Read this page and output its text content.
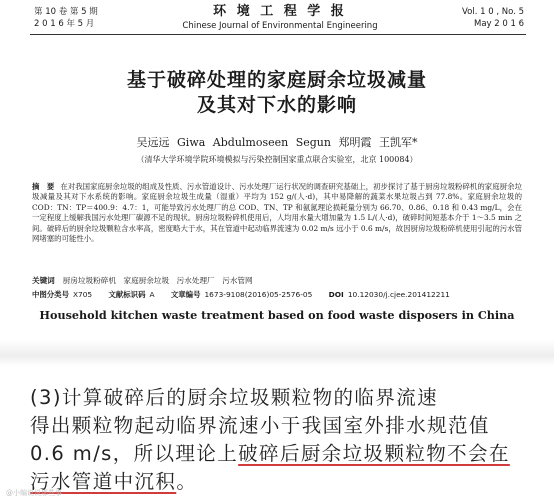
第 10 卷 第 5 期
2 0 1 6 年 5 月
环 境 工 程 学 报
Chinese Journal of Environmental Engineering
Vol. 1 0 , No. 5
May 2 0 1 6
基于破碎处理的家庭厨余垃圾减量
及其对下水的影响
吴远远 Giwa Abdulmoseen Segun 郑明霞 王凯军*
（清华大学环境学院环境模拟与污染控制国家重点联合实验室，北京 100084）
摘　要 在对我国家庭厨余垃圾的组成及性质、污水管道设计、污水处理厂运行状况的调查研究基础上，初步探讨了基于厨房垃圾粉碎机的家庭厨余垃圾减量及其对下水系统的影响。家庭厨余垃圾生成量（湿重）平均为 152 g/(人·d)，其中易降解的蔬菜水果垃圾占到 77.8%。家庭厨余垃圾的 COD：TN：TP＝400.9：4.7：1，可能导致污水处理厂的总 COD、TN、TP 和氨氮理论损耗量分别为 66.70、0.86、0.18 和 0.43 mg/L，会在一定程度上缓解我国污水处理厂碳源不足的现状。厨房垃圾粉碎机使用后，人均用水量大增加量为 1.5 L/(人·d)，破碎时间短基本介于 1～3.5 min 之间。破碎后的厨余垃圾颗粒含水率高，密度略大于水，其在管道中起动临界流速为 0.02 m/s 远小于 0.6 m/s，故因厨房垃圾粉碎机使用引起的污水管网堵塞的可能性小。
关键词 厨房垃圾粉碎机　家庭厨余垃圾　污水处理厂　污水管网
中图分类号 X705 文献标识码 A 文章编号 1673-9108(2016)05-2576-05 DOI 10.12030/j.cjee.201412211
Household kitchen waste treatment based on food waste disposers in China
(3)计算破碎后的厨余垃圾颗粒物的临界流速
得出颗粒物起动临界流速小于我国室外排水规范值
0.6 m/s，所以理论上破碎后厨余垃圾颗粒物不会在
污水管道中沉积。
@小编说说那些事
